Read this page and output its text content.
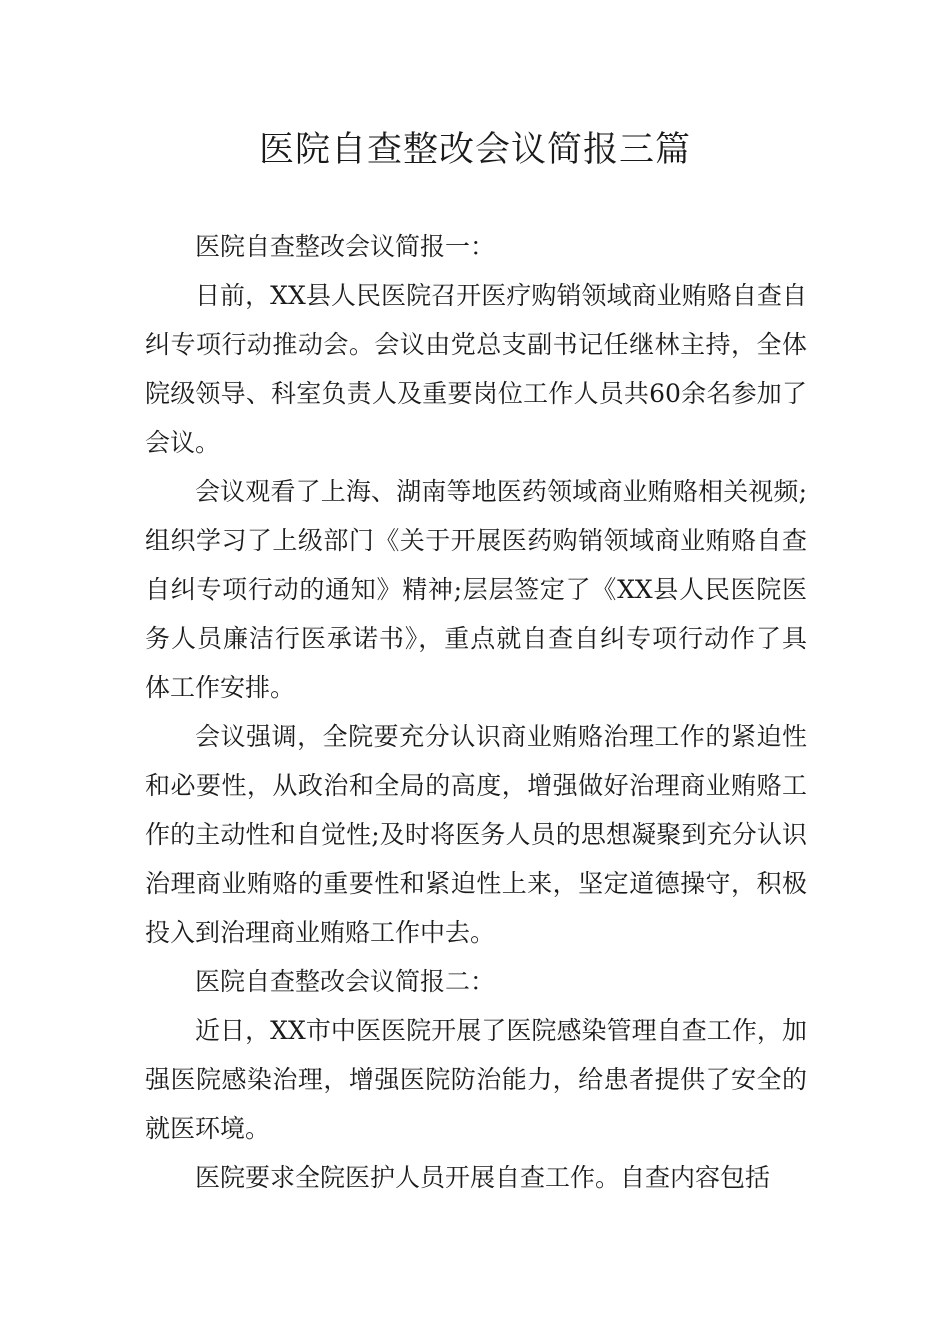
医院自查整改会议简报三篇

医院自查整改会议简报一：

日前，XX县人民医院召开医疗购销领域商业贿赂自查自纠专项行动推动会。会议由党总支副书记任继林主持，全体院级领导、科室负责人及重要岗位工作人员共60余名参加了会议。

会议观看了上海、湖南等地医药领域商业贿赂相关视频;组织学习了上级部门《关于开展医药购销领域商业贿赂自查自纠专项行动的通知》精神;层层签定了《XX县人民医院医务人员廉洁行医承诺书》，重点就自查自纠专项行动作了具体工作安排。

会议强调，全院要充分认识商业贿赂治理工作的紧迫性和必要性，从政治和全局的高度，增强做好治理商业贿赂工作的主动性和自觉性;及时将医务人员的思想凝聚到充分认识治理商业贿赂的重要性和紧迫性上来，坚定道德操守，积极投入到治理商业贿赂工作中去。

医院自查整改会议简报二：

近日，XX市中医医院开展了医院感染管理自查工作，加强医院感染治理，增强医院防治能力，给患者提供了安全的就医环境。

医院要求全院医护人员开展自查工作。自查内容包括
